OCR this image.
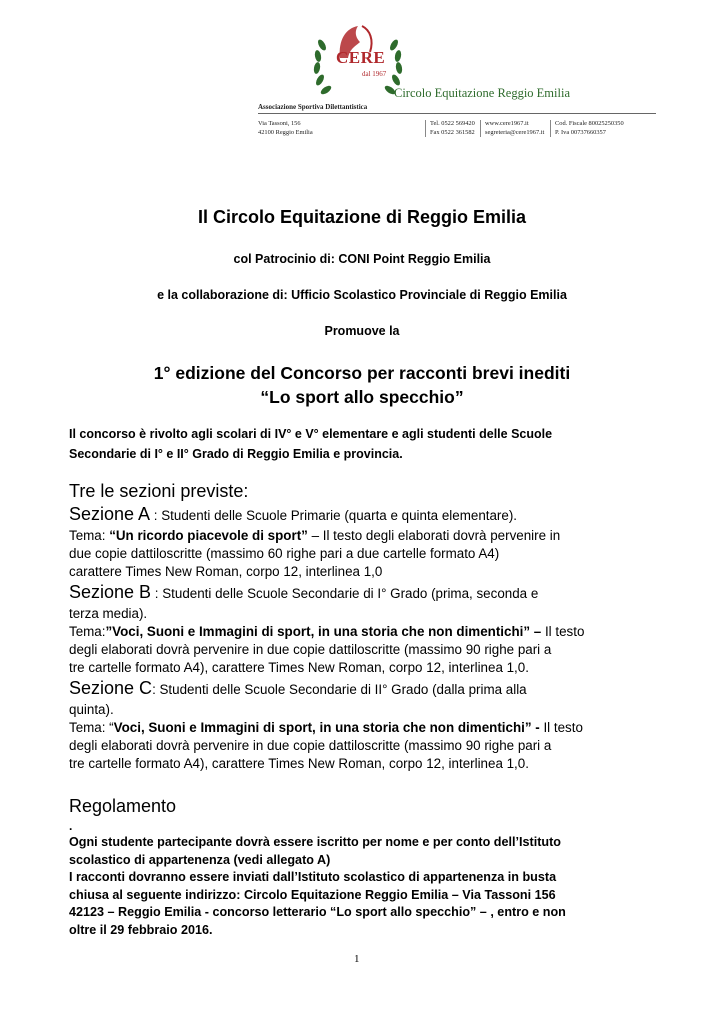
CERE
dal 1967
Circolo Equitazione Reggio Emilia
Associazione Sportiva Dilettantistica
Via Tassoni, 156
42100 Reggio Emilia
Tel. 0522 569420
Fax 0522 361582
www.cere1967.it
segreteria@cere1967.it
Cod. Fiscale 80025250350
P. Iva 00737660357
Il Circolo Equitazione di Reggio Emilia
col Patrocinio di: CONI Point Reggio Emilia
e la collaborazione di: Ufficio Scolastico Provinciale di Reggio Emilia
Promuove la
1° edizione del Concorso per racconti brevi inediti
“Lo sport allo specchio”
Il concorso è rivolto agli scolari di IV° e V° elementare e agli studenti delle Scuole
Secondarie di I° e II° Grado di Reggio Emilia e provincia.
Tre le sezioni previste:
Sezione A : Studenti delle Scuole Primarie (quarta e quinta elementare).
Tema: “Un ricordo piacevole di sport” – Il testo degli elaborati dovrà pervenire in
due copie dattiloscritte (massimo 60 righe pari a due cartelle formato A4)
carattere Times New Roman, corpo 12, interlinea 1,0
Sezione B : Studenti delle Scuole Secondarie di I° Grado (prima, seconda e
terza media).
Tema:”Voci, Suoni e Immagini di sport, in una storia che non dimentichi” – Il testo
degli elaborati dovrà pervenire in due copie dattiloscritte (massimo 90 righe pari a
tre cartelle formato A4), carattere Times New Roman, corpo 12, interlinea 1,0.
Sezione C: Studenti delle Scuole Secondarie di II° Grado (dalla prima alla
quinta).
Tema: “Voci, Suoni e Immagini di sport, in una storia che non dimentichi” - Il testo
degli elaborati dovrà pervenire in due copie dattiloscritte (massimo 90 righe pari a
tre cartelle formato A4), carattere Times New Roman, corpo 12, interlinea 1,0.
Regolamento
.
Ogni studente partecipante dovrà essere iscritto per nome e per conto dell’Istituto
scolastico di appartenenza (vedi allegato A)
I racconti dovranno essere inviati dall’Istituto scolastico di appartenenza in busta
chiusa al seguente indirizzo: Circolo Equitazione Reggio Emilia – Via Tassoni 156
42123 – Reggio Emilia - concorso letterario “Lo sport allo specchio” – , entro e non
oltre il 29 febbraio 2016.
1
